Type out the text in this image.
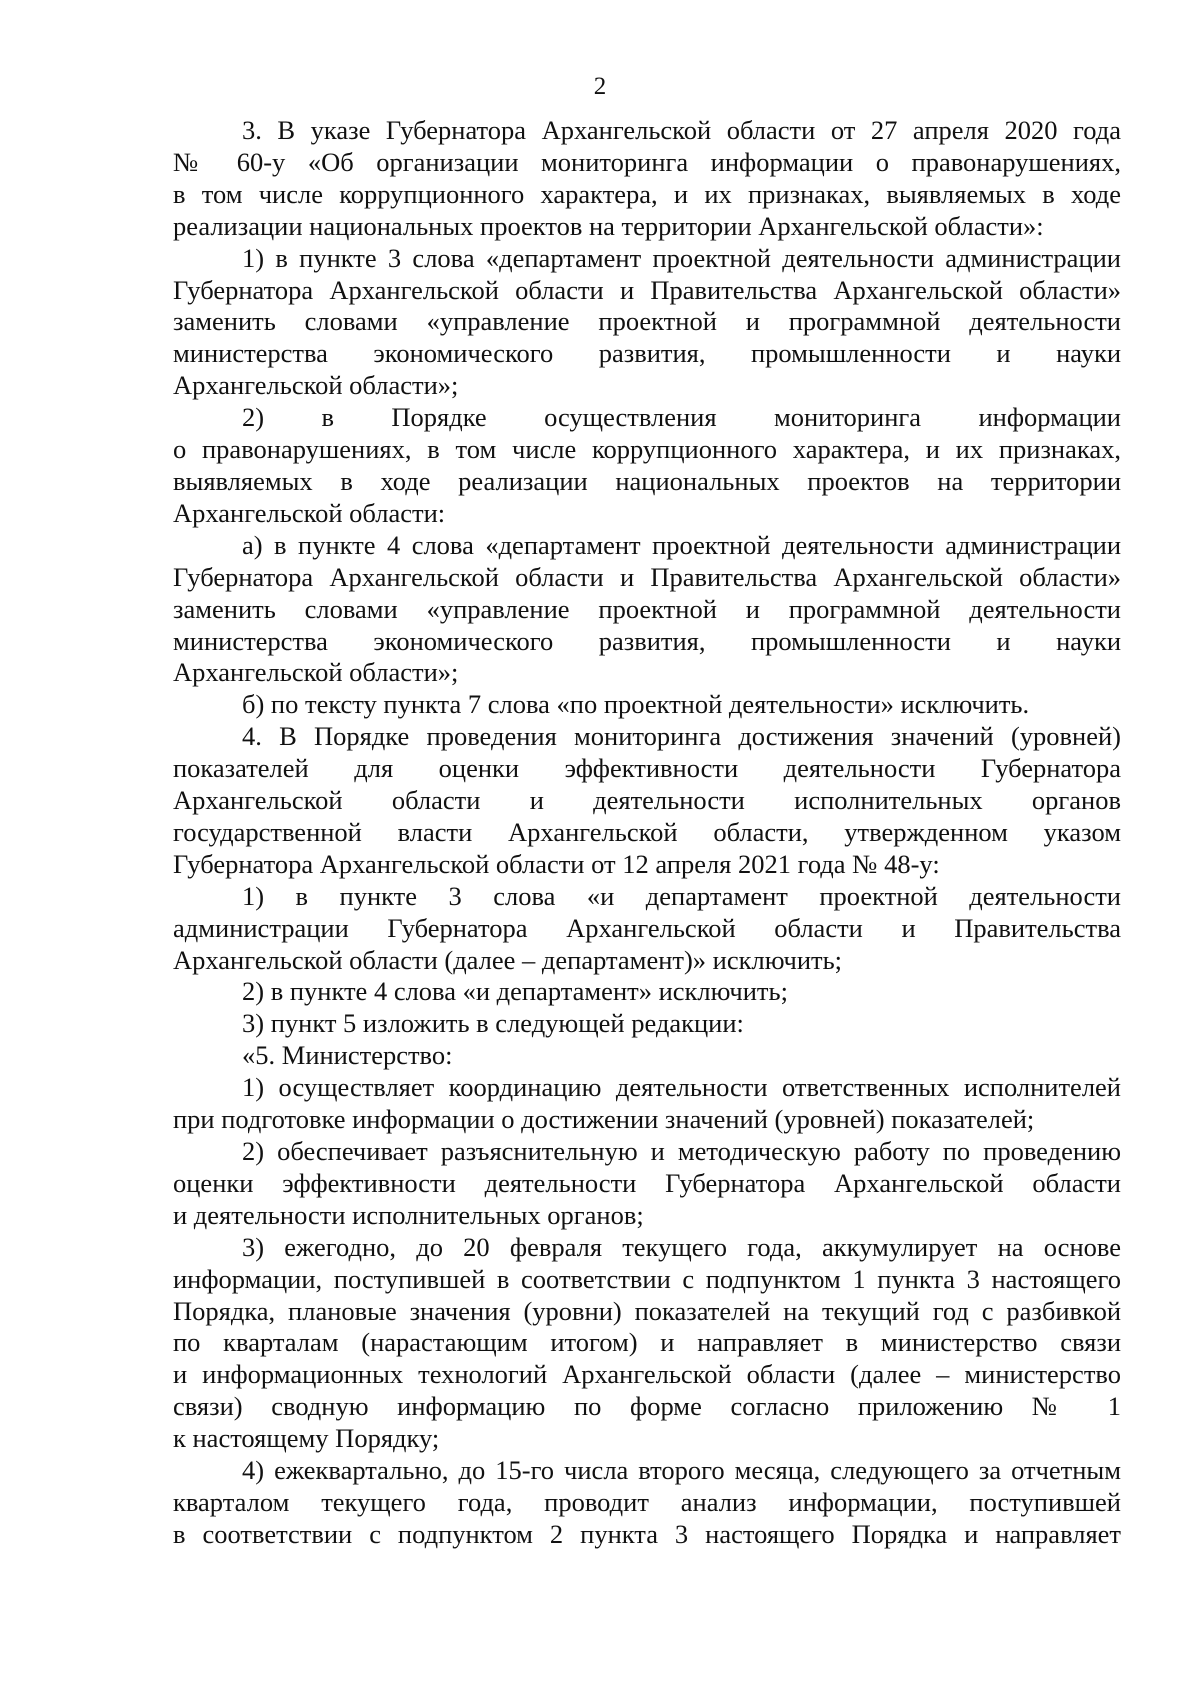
2

3. В указе Губернатора Архангельской области от 27 апреля 2020 года
№ 60-у «Об организации мониторинга информации о правонарушениях,
в том числе коррупционного характера, и их признаках, выявляемых в ходе
реализации национальных проектов на территории Архангельской области»:

1) в пункте 3 слова «департамент проектной деятельности администрации
Губернатора Архангельской области и Правительства Архангельской области»
заменить словами «управление проектной и программной деятельности
министерства экономического развития, промышленности и науки
Архангельской области»;

2) в Порядке осуществления мониторинга информации
о правонарушениях, в том числе коррупционного характера, и их признаках,
выявляемых в ходе реализации национальных проектов на территории
Архангельской области:

а) в пункте 4 слова «департамент проектной деятельности администрации
Губернатора Архангельской области и Правительства Архангельской области»
заменить словами «управление проектной и программной деятельности
министерства экономического развития, промышленности и науки
Архангельской области»;

б) по тексту пункта 7 слова «по проектной деятельности» исключить.

4. В Порядке проведения мониторинга достижения значений (уровней)
показателей для оценки эффективности деятельности Губернатора
Архангельской области и деятельности исполнительных органов
государственной власти Архангельской области, утвержденном указом
Губернатора Архангельской области от 12 апреля 2021 года № 48-у:

1) в пункте 3 слова «и департамент проектной деятельности
администрации Губернатора Архангельской области и Правительства
Архангельской области (далее – департамент)» исключить;

2) в пункте 4 слова «и департамент» исключить;

3) пункт 5 изложить в следующей редакции:

«5. Министерство:

1) осуществляет координацию деятельности ответственных исполнителей
при подготовке информации о достижении значений (уровней) показателей;

2) обеспечивает разъяснительную и методическую работу по проведению
оценки эффективности деятельности Губернатора Архангельской области
и деятельности исполнительных органов;

3) ежегодно, до 20 февраля текущего года, аккумулирует на основе
информации, поступившей в соответствии с подпунктом 1 пункта 3 настоящего
Порядка, плановые значения (уровни) показателей на текущий год с разбивкой
по кварталам (нарастающим итогом) и направляет в министерство связи
и информационных технологий Архангельской области (далее – министерство
связи) сводную информацию по форме согласно приложению № 1
к настоящему Порядку;

4) ежеквартально, до 15-го числа второго месяца, следующего за отчетным
кварталом текущего года, проводит анализ информации, поступившей
в соответствии с подпунктом 2 пункта 3 настоящего Порядка и направляет
